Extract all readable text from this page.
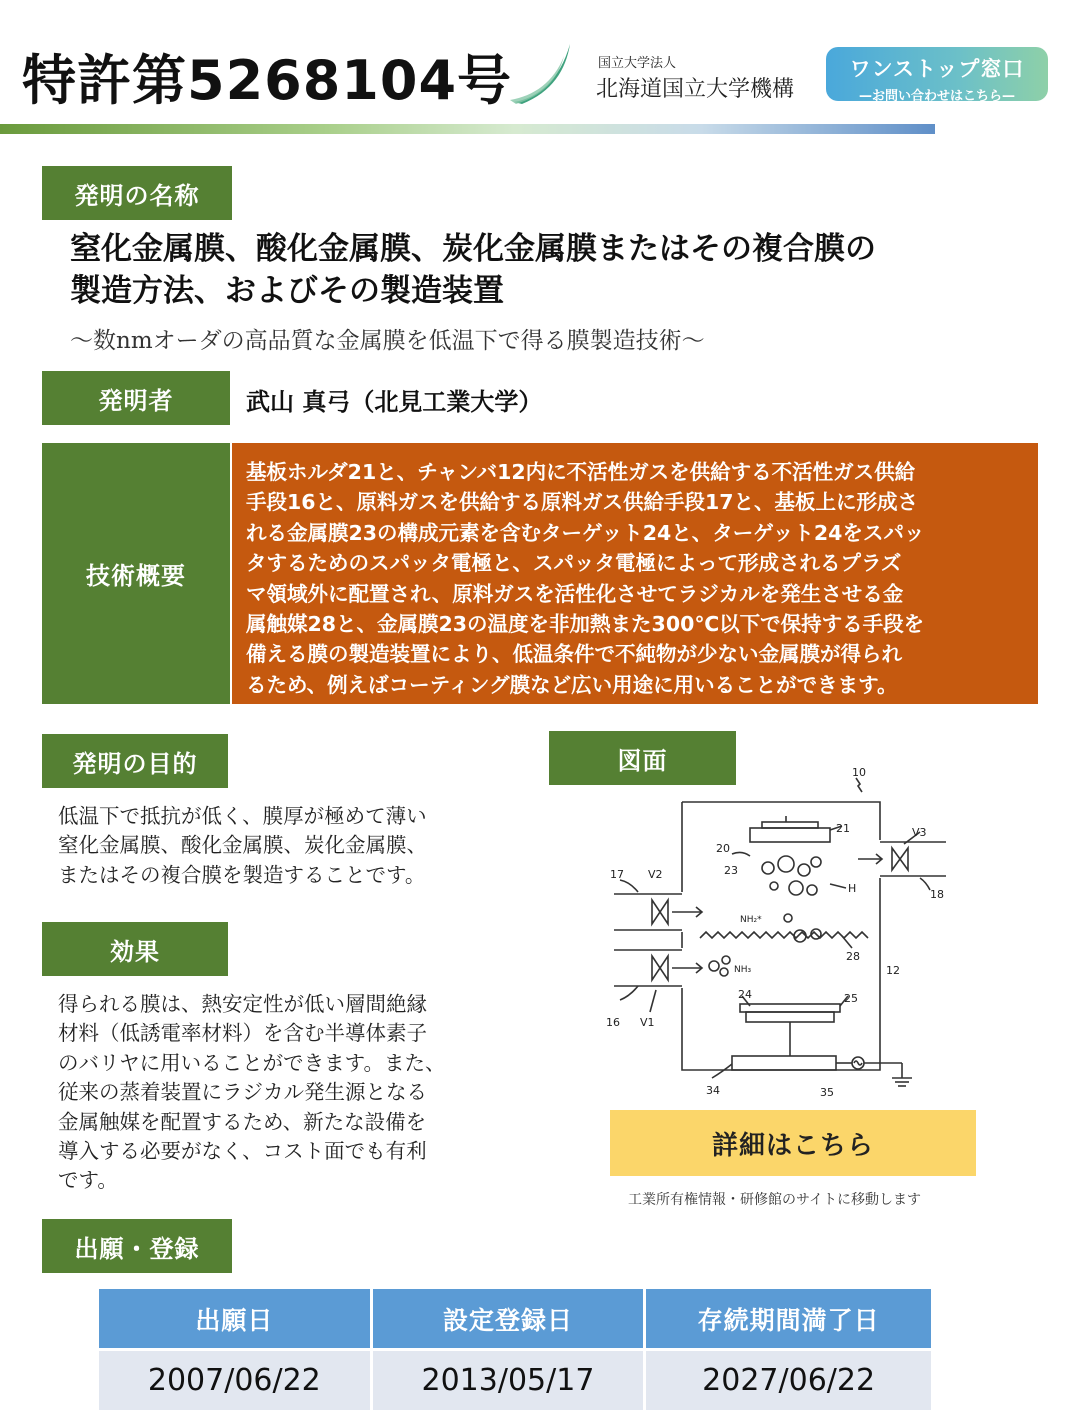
特許第5268104号	国立大学法人
北海道国立大学機構
ワンストップ窓口
—お問い合わせはこちら—
発明の名称
窒化金属膜、酸化金属膜、炭化金属膜またはその複合膜の
製造方法、およびその製造装置
～数nmオーダの高品質な金属膜を低温下で得る膜製造技術～
発明者	武山 真弓（北見工業大学）
技術概要
基板ホルダ21と、チャンバ12内に不活性ガスを供給する不活性ガス供給
手段16と、原料ガスを供給する原料ガス供給手段17と、基板上に形成さ
れる金属膜23の構成元素を含むターゲット24と、ターゲット24をスパッ
タするためのスパッタ電極と、スパッタ電極によって形成されるプラズ
マ領域外に配置され、原料ガスを活性化させてラジカルを発生させる金
属触媒28と、金属膜23の温度を非加熱また300℃以下で保持する手段を
備える膜の製造装置により、低温条件で不純物が少ない金属膜が得られ
るため、例えばコーティング膜など広い用途に用いることができます。
発明の目的
低温下で抵抗が低く、膜厚が極めて薄い
窒化金属膜、酸化金属膜、炭化金属膜、
またはその複合膜を製造することです。
効果
得られる膜は、熱安定性が低い層間絶縁
材料（低誘電率材料）を含む半導体素子
のバリヤに用いることができます。また、
従来の蒸着装置にラジカル発生源となる
金属触媒を配置するため、新たな設備を
導入する必要がなく、コスト面でも有利
です。
図面	10
21
20
23
H
V3
17 V2
18
NH₂*
28
NH₃	12
24	25
16 V1
34	35
詳細はこちら
工業所有権情報・研修館のサイトに移動します
出願・登録
出願日	設定登録日	存続期間満了日
2007/06/22	2013/05/17	2027/06/22
